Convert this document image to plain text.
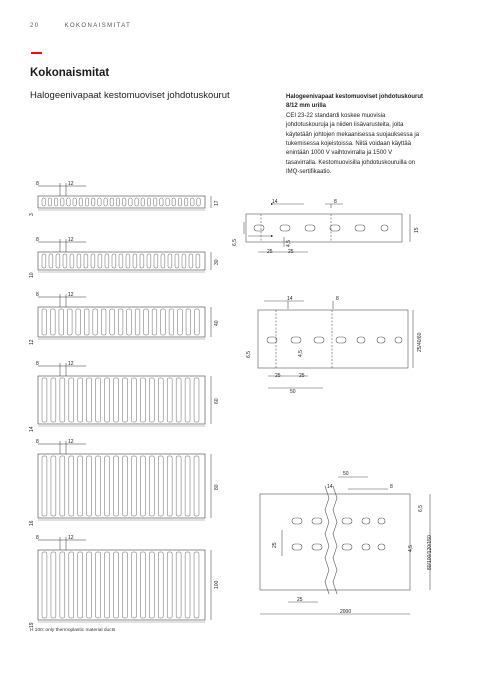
20	KOKONAISMITAT
Kokonaismitat
Halogeenivapaat kestomuoviset johdotuskourut	Halogeenivapaat kestomuoviset johdotuskourut
8/12 mm urilla
CEI 23-22 standardi koskee muovisia
johdotuskouruja ja niiden lisävarusteita, joita
käytetään johtojen mekaanisessa suojauksessa ja
tukemisessa kojeistoissa. Niitä voidaan käyttää
enintään 1000 V vaihtovirralla ja 1500 V
tasavirralla. Kestomuovisilla johdotuskouruilla on
IMQ-sertifikaatio.
8	12
17
3
8	12
30
10
8	12
40
12
8	12
60
14
8	12
80
16
8	12
100
19
14	8
6,5	4,5
25	25
15
14	8
6,5	4,5
25	25
50
25/40/60
50
14	8
6,5
25	4,5
25
2000
80/100/120/150
H 100: only thermoplastic material ducts
